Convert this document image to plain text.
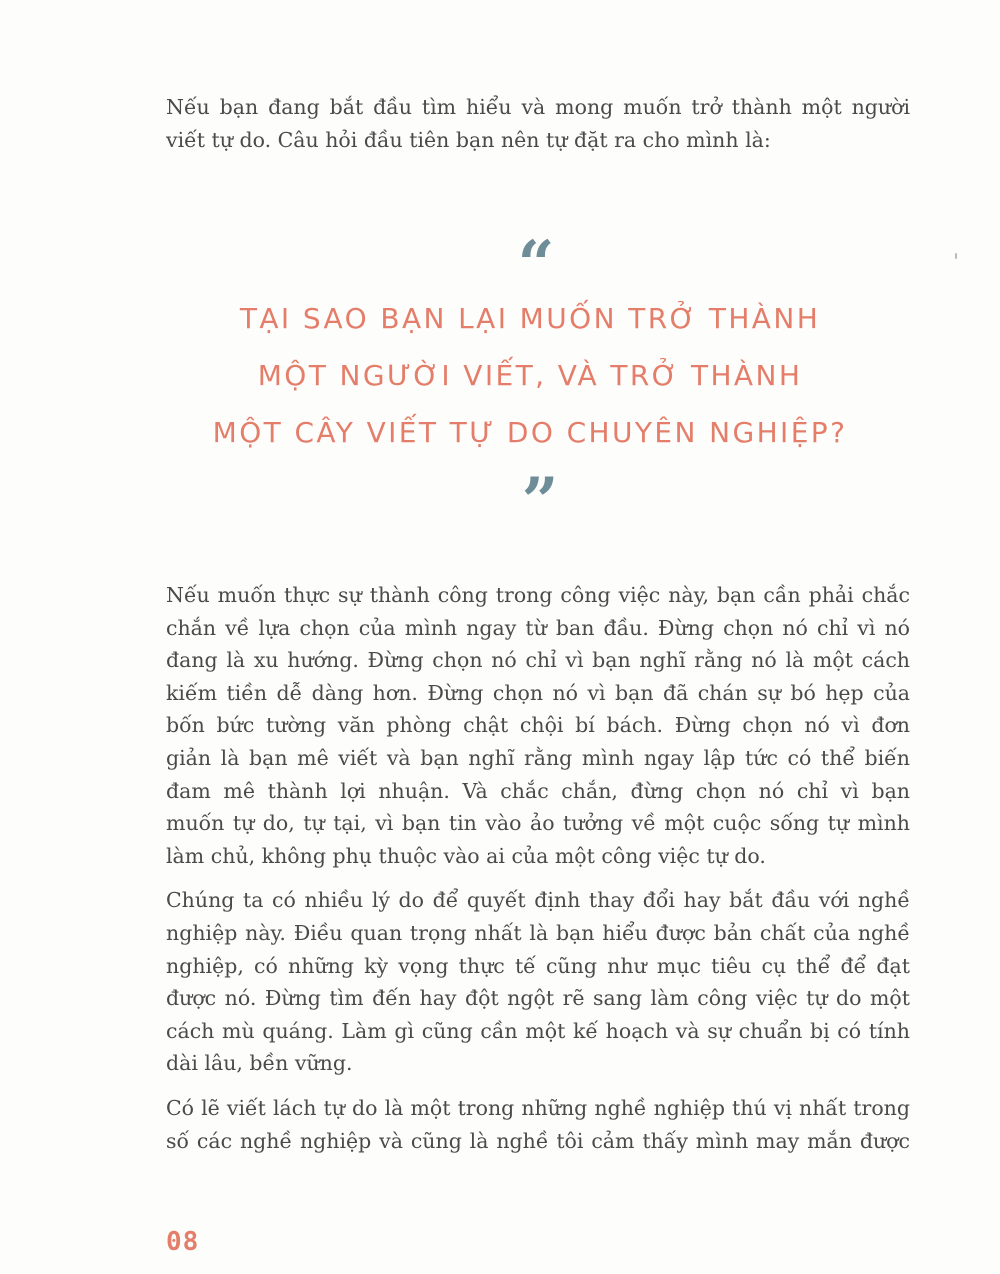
Nếu bạn đang bắt đầu tìm hiểu và mong muốn trở thành một người
viết tự do. Câu hỏi đầu tiên bạn nên tự đặt ra cho mình là:

“

TẠI SAO BẠN LẠI MUỐN TRỞ THÀNH
MỘT NGƯỜI VIẾT, VÀ TRỞ THÀNH
MỘT CÂY VIẾT TỰ DO CHUYÊN NGHIỆP?

”

Nếu muốn thực sự thành công trong công việc này, bạn cần phải chắc
chắn về lựa chọn của mình ngay từ ban đầu. Đừng chọn nó chỉ vì nó
đang là xu hướng. Đừng chọn nó chỉ vì bạn nghĩ rằng nó là một cách
kiếm tiền dễ dàng hơn. Đừng chọn nó vì bạn đã chán sự bó hẹp của
bốn bức tường văn phòng chật chội bí bách. Đừng chọn nó vì đơn
giản là bạn mê viết và bạn nghĩ rằng mình ngay lập tức có thể biến
đam mê thành lợi nhuận. Và chắc chắn, đừng chọn nó chỉ vì bạn
muốn tự do, tự tại, vì bạn tin vào ảo tưởng về một cuộc sống tự mình
làm chủ, không phụ thuộc vào ai của một công việc tự do.

Chúng ta có nhiều lý do để quyết định thay đổi hay bắt đầu với nghề
nghiệp này. Điều quan trọng nhất là bạn hiểu được bản chất của nghề
nghiệp, có những kỳ vọng thực tế cũng như mục tiêu cụ thể để đạt
được nó. Đừng tìm đến hay đột ngột rẽ sang làm công việc tự do một
cách mù quáng. Làm gì cũng cần một kế hoạch và sự chuẩn bị có tính
dài lâu, bền vững.

Có lẽ viết lách tự do là một trong những nghề nghiệp thú vị nhất trong
số các nghề nghiệp và cũng là nghề tôi cảm thấy mình may mắn được

08
